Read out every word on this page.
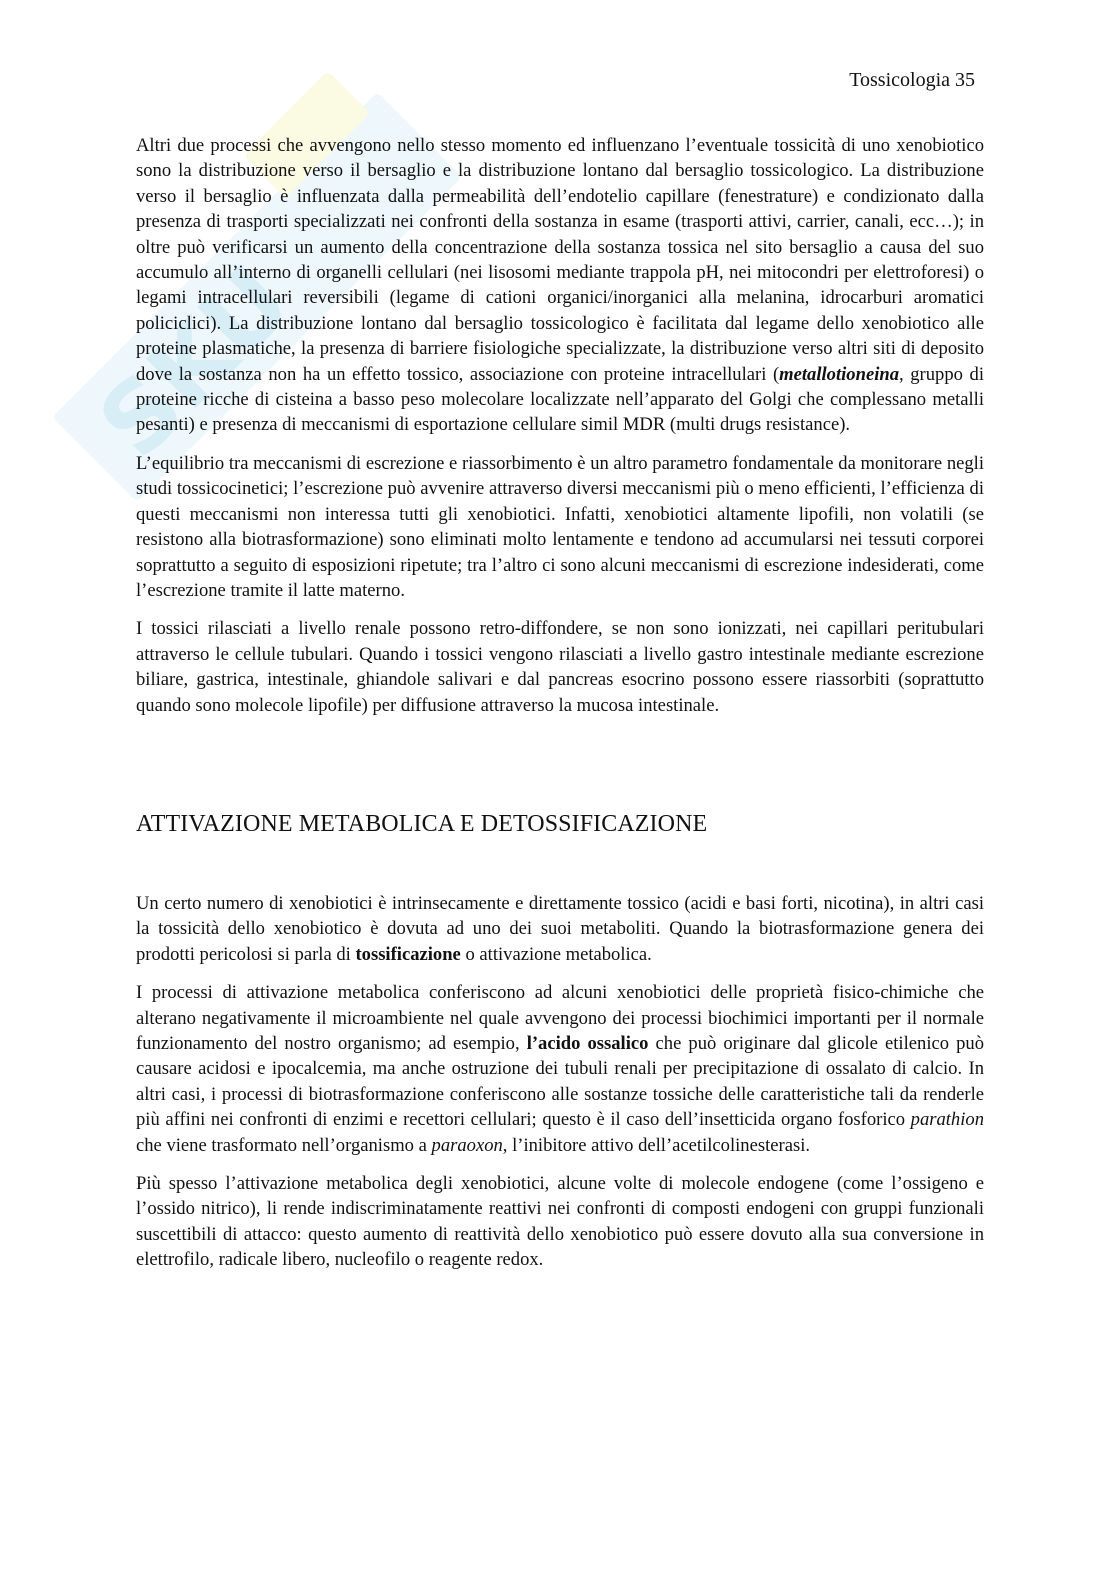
SKU
Tossicologia 35

Altri due processi che avvengono nello stesso momento ed influenzano l’eventuale tossicità di uno xenobiotico sono la distribuzione verso il bersaglio e la distribuzione lontano dal bersaglio tossicologico. La distribuzione verso il bersaglio è influenzata dalla permeabilità dell’endotelio capillare (fenestrature) e condizionato dalla presenza di trasporti specializzati nei confronti della sostanza in esame (trasporti attivi, carrier, canali, ecc…); in oltre può verificarsi un aumento della concentrazione della sostanza tossica nel sito bersaglio a causa del suo accumulo all’interno di organelli cellulari (nei lisosomi mediante trappola pH, nei mitocondri per elettroforesi) o legami intracellulari reversibili (legame di cationi organici/inorganici alla melanina, idrocarburi aromatici policiclici). La distribuzione lontano dal bersaglio tossicologico è facilitata dal legame dello xenobiotico alle proteine plasmatiche, la presenza di barriere fisiologiche specializzate, la distribuzione verso altri siti di deposito dove la sostanza non ha un effetto tossico, associazione con proteine intracellulari (metallotioneina, gruppo di proteine ricche di cisteina a basso peso molecolare localizzate nell’apparato del Golgi che complessano metalli pesanti) e presenza di meccanismi di esportazione cellulare simil MDR (multi drugs resistance).

L’equilibrio tra meccanismi di escrezione e riassorbimento è un altro parametro fondamentale da monitorare negli studi tossicocinetici; l’escrezione può avvenire attraverso diversi meccanismi più o meno efficienti, l’efficienza di questi meccanismi non interessa tutti gli xenobiotici. Infatti, xenobiotici altamente lipofili, non volatili (se resistono alla biotrasformazione) sono eliminati molto lentamente e tendono ad accumularsi nei tessuti corporei soprattutto a seguito di esposizioni ripetute; tra l’altro ci sono alcuni meccanismi di escrezione indesiderati, come l’escrezione tramite il latte materno.

I tossici rilasciati a livello renale possono retro-diffondere, se non sono ionizzati, nei capillari peritubulari attraverso le cellule tubulari. Quando i tossici vengono rilasciati a livello gastro intestinale mediante escrezione biliare, gastrica, intestinale, ghiandole salivari e dal pancreas esocrino possono essere riassorbiti (soprattutto quando sono molecole lipofile) per diffusione attraverso la mucosa intestinale.

ATTIVAZIONE METABOLICA E DETOSSIFICAZIONE

Un certo numero di xenobiotici è intrinsecamente e direttamente tossico (acidi e basi forti, nicotina), in altri casi la tossicità dello xenobiotico è dovuta ad uno dei suoi metaboliti. Quando la biotrasformazione genera dei prodotti pericolosi si parla di tossificazione o attivazione metabolica.

I processi di attivazione metabolica conferiscono ad alcuni xenobiotici delle proprietà fisico-chimiche che alterano negativamente il microambiente nel quale avvengono dei processi biochimici importanti per il normale funzionamento del nostro organismo; ad esempio, l’acido ossalico che può originare dal glicole etilenico può causare acidosi e ipocalcemia, ma anche ostruzione dei tubuli renali per precipitazione di ossalato di calcio. In altri casi, i processi di biotrasformazione conferiscono alle sostanze tossiche delle caratteristiche tali da renderle più affini nei confronti di enzimi e recettori cellulari; questo è il caso dell’insetticida organo fosforico parathion che viene trasformato nell’organismo a paraoxon, l’inibitore attivo dell’acetilcolinesterasi.

Più spesso l’attivazione metabolica degli xenobiotici, alcune volte di molecole endogene (come l’ossigeno e l’ossido nitrico), li rende indiscriminatamente reattivi nei confronti di composti endogeni con gruppi funzionali suscettibili di attacco: questo aumento di reattività dello xenobiotico può essere dovuto alla sua conversione in elettrofilo, radicale libero, nucleofilo o reagente redox.
